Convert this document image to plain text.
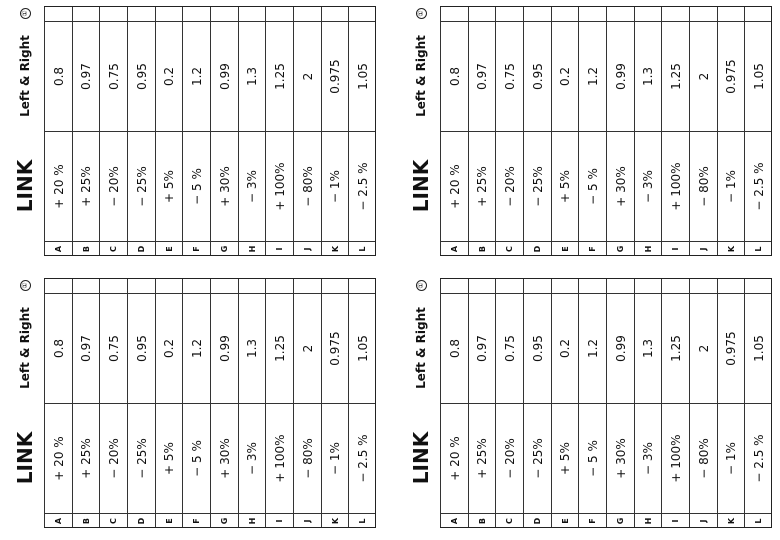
LINK
Left & Right
①
A
+ 20 %
0.8
B
+ 25%
0.97
C
− 20%
0.75
D
− 25%
0.95
E
+ 5%
0.2
F
− 5 %
1.2
G
+ 30%
0.99
H
− 3%
1.3
I
+ 100%
1.25
J
− 80%
2
K
− 1%
0.975
L
− 2.5 %
1.05
LINK
Left & Right
①
A
+ 20 %
0.8
B
+ 25%
0.97
C
− 20%
0.75
D
− 25%
0.95
E
+ 5%
0.2
F
− 5 %
1.2
G
+ 30%
0.99
H
− 3%
1.3
I
+ 100%
1.25
J
− 80%
2
K
− 1%
0.975
L
− 2.5 %
1.05
LINK
Left & Right
①
A
+ 20 %
0.8
B
+ 25%
0.97
C
− 20%
0.75
D
− 25%
0.95
E
+ 5%
0.2
F
− 5 %
1.2
G
+ 30%
0.99
H
− 3%
1.3
I
+ 100%
1.25
J
− 80%
2
K
− 1%
0.975
L
− 2.5 %
1.05
LINK
Left & Right
①
A
+ 20 %
0.8
B
+ 25%
0.97
C
− 20%
0.75
D
− 25%
0.95
E
+ 5%
0.2
F
− 5 %
1.2
G
+ 30%
0.99
H
− 3%
1.3
I
+ 100%
1.25
J
− 80%
2
K
− 1%
0.975
L
− 2.5 %
1.05
